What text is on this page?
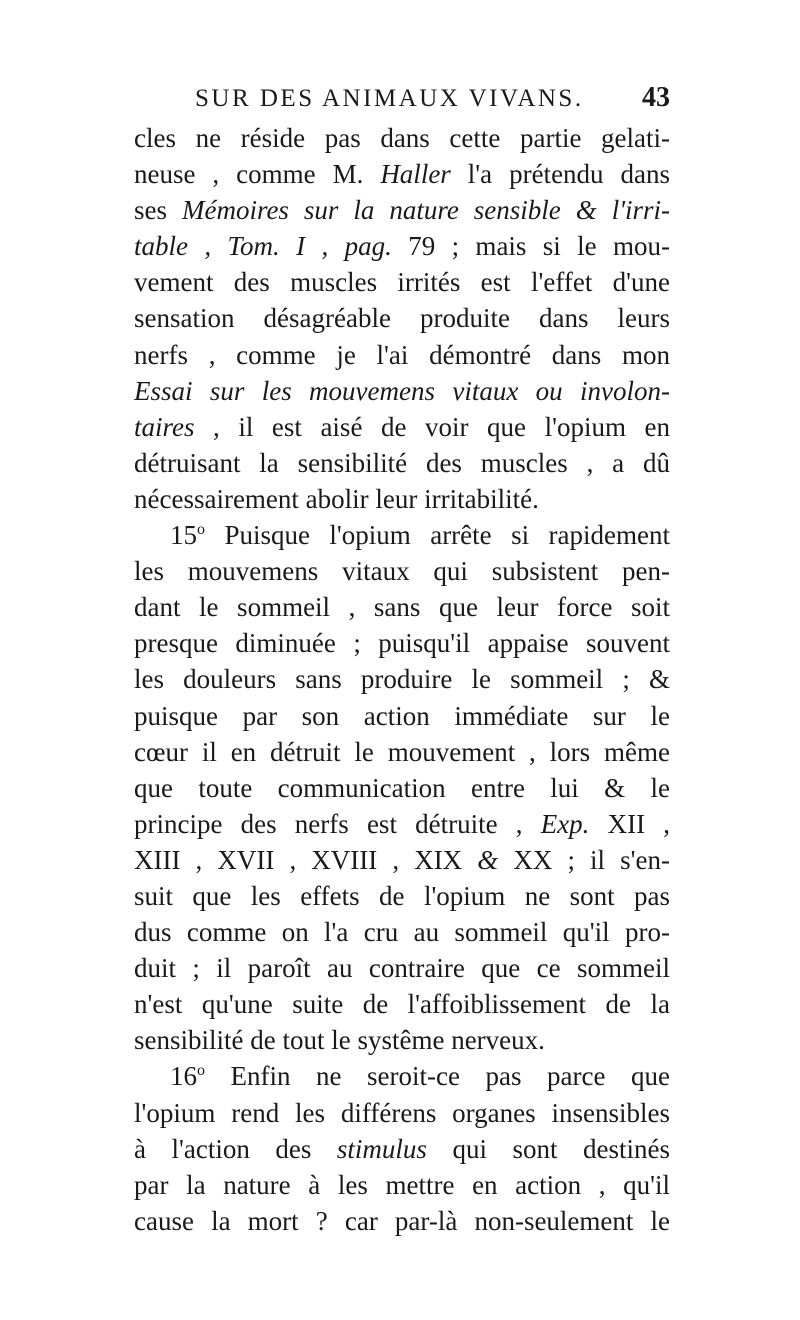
SUR DES ANIMAUX VIVANS. 43
cles ne réside pas dans cette partie gelati-
neuse , comme M. Haller l'a prétendu dans
ses Mémoires sur la nature sensible & l'irri-
table , Tom. I , pag. 79 ; mais si le mou-
vement des muscles irrités est l'effet d'une
sensation désagréable produite dans leurs
nerfs , comme je l'ai démontré dans mon
Essai sur les mouvemens vitaux ou involon-
taires , il est aisé de voir que l'opium en
détruisant la sensibilité des muscles , a dû
nécessairement abolir leur irritabilité.
15$^o$ Puisque l'opium arrête si rapidement
les mouvemens vitaux qui subsistent pen-
dant le sommeil , sans que leur force soit
presque diminuée ; puisqu'il appaise souvent
les douleurs sans produire le sommeil ; &
puisque par son action immédiate sur le
cœur il en détruit le mouvement , lors même
que toute communication entre lui & le
principe des nerfs est détruite , Exp. XII ,
XIII , XVII , XVIII , XIX & XX ; il s'en-
suit que les effets de l'opium ne sont pas
dus comme on l'a cru au sommeil qu'il pro-
duit ; il paroît au contraire que ce sommeil
n'est qu'une suite de l'affoiblissement de la
sensibilité de tout le systême nerveux.
16$^o$ Enfin ne seroit-ce pas parce que
l'opium rend les différens organes insensibles
à l'action des stimulus qui sont destinés
par la nature à les mettre en action , qu'il
cause la mort ? car par-là non-seulement le
